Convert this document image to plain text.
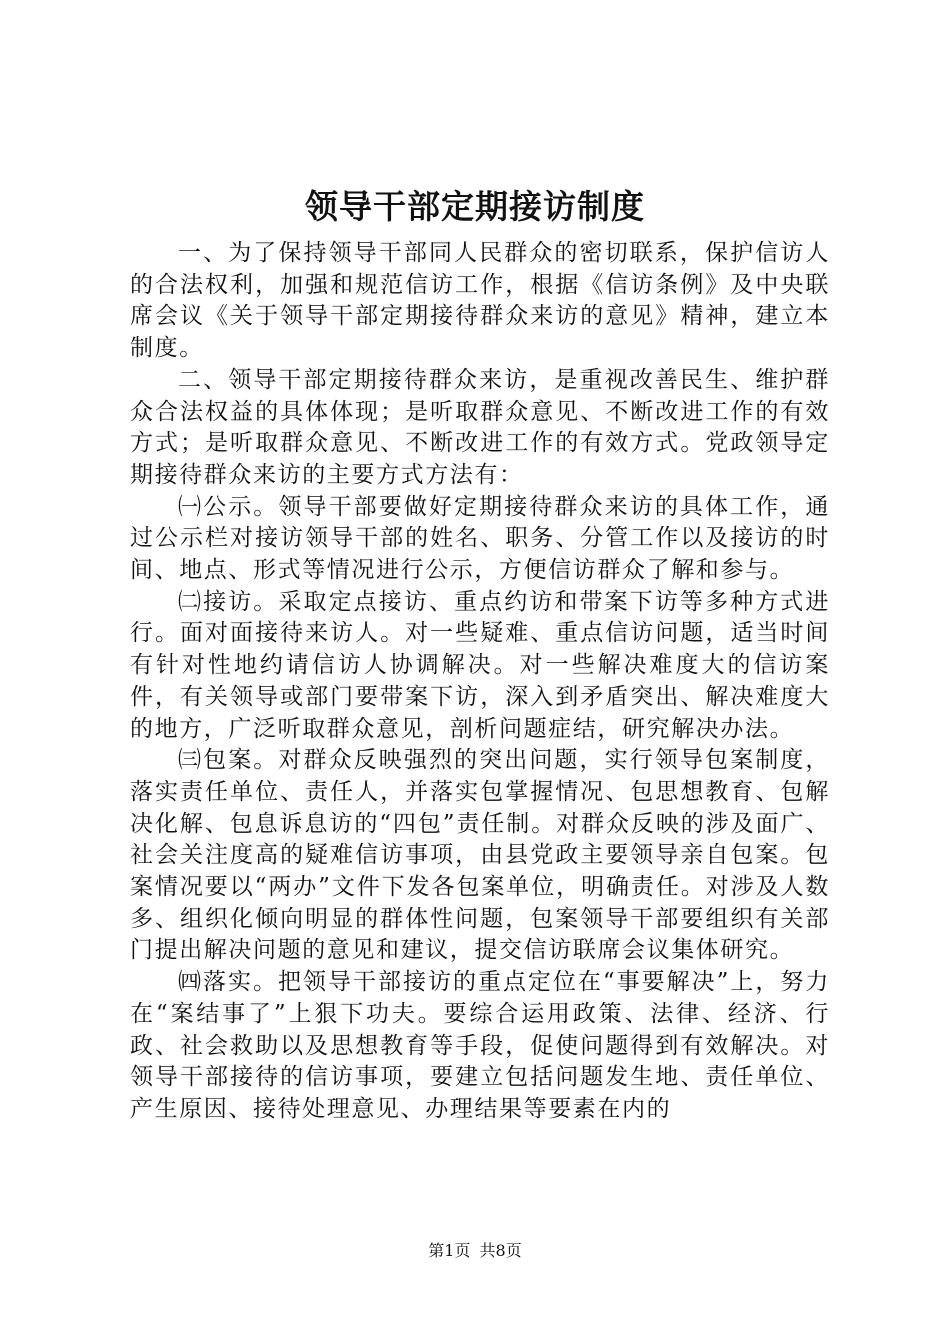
领导干部定期接访制度

一、为了保持领导干部同人民群众的密切联系，保护信访人的合法权利，加强和规范信访工作，根据《信访条例》及中央联席会议《关于领导干部定期接待群众来访的意见》精神，建立本制度。

二、领导干部定期接待群众来访，是重视改善民生、维护群众合法权益的具体体现；是听取群众意见、不断改进工作的有效方式；是听取群众意见、不断改进工作的有效方式。党政领导定期接待群众来访的主要方式方法有：

㈠公示。领导干部要做好定期接待群众来访的具体工作，通过公示栏对接访领导干部的姓名、职务、分管工作以及接访的时间、地点、形式等情况进行公示，方便信访群众了解和参与。

㈡接访。采取定点接访、重点约访和带案下访等多种方式进行。面对面接待来访人。对一些疑难、重点信访问题，适当时间有针对性地约请信访人协调解决。对一些解决难度大的信访案件，有关领导或部门要带案下访，深入到矛盾突出、解决难度大的地方，广泛听取群众意见，剖析问题症结，研究解决办法。

㈢包案。对群众反映强烈的突出问题，实行领导包案制度，落实责任单位、责任人，并落实包掌握情况、包思想教育、包解决化解、包息诉息访的“四包”责任制。对群众反映的涉及面广、社会关注度高的疑难信访事项，由县党政主要领导亲自包案。包案情况要以“两办”文件下发各包案单位，明确责任。对涉及人数多、组织化倾向明显的群体性问题，包案领导干部要组织有关部门提出解决问题的意见和建议，提交信访联席会议集体研究。

㈣落实。把领导干部接访的重点定位在“事要解决”上，努力在“案结事了”上狠下功夫。要综合运用政策、法律、经济、行政、社会救助以及思想教育等手段，促使问题得到有效解决。对领导干部接待的信访事项，要建立包括问题发生地、责任单位、产生原因、接待处理意见、办理结果等要素在内的

第1页 共8页
